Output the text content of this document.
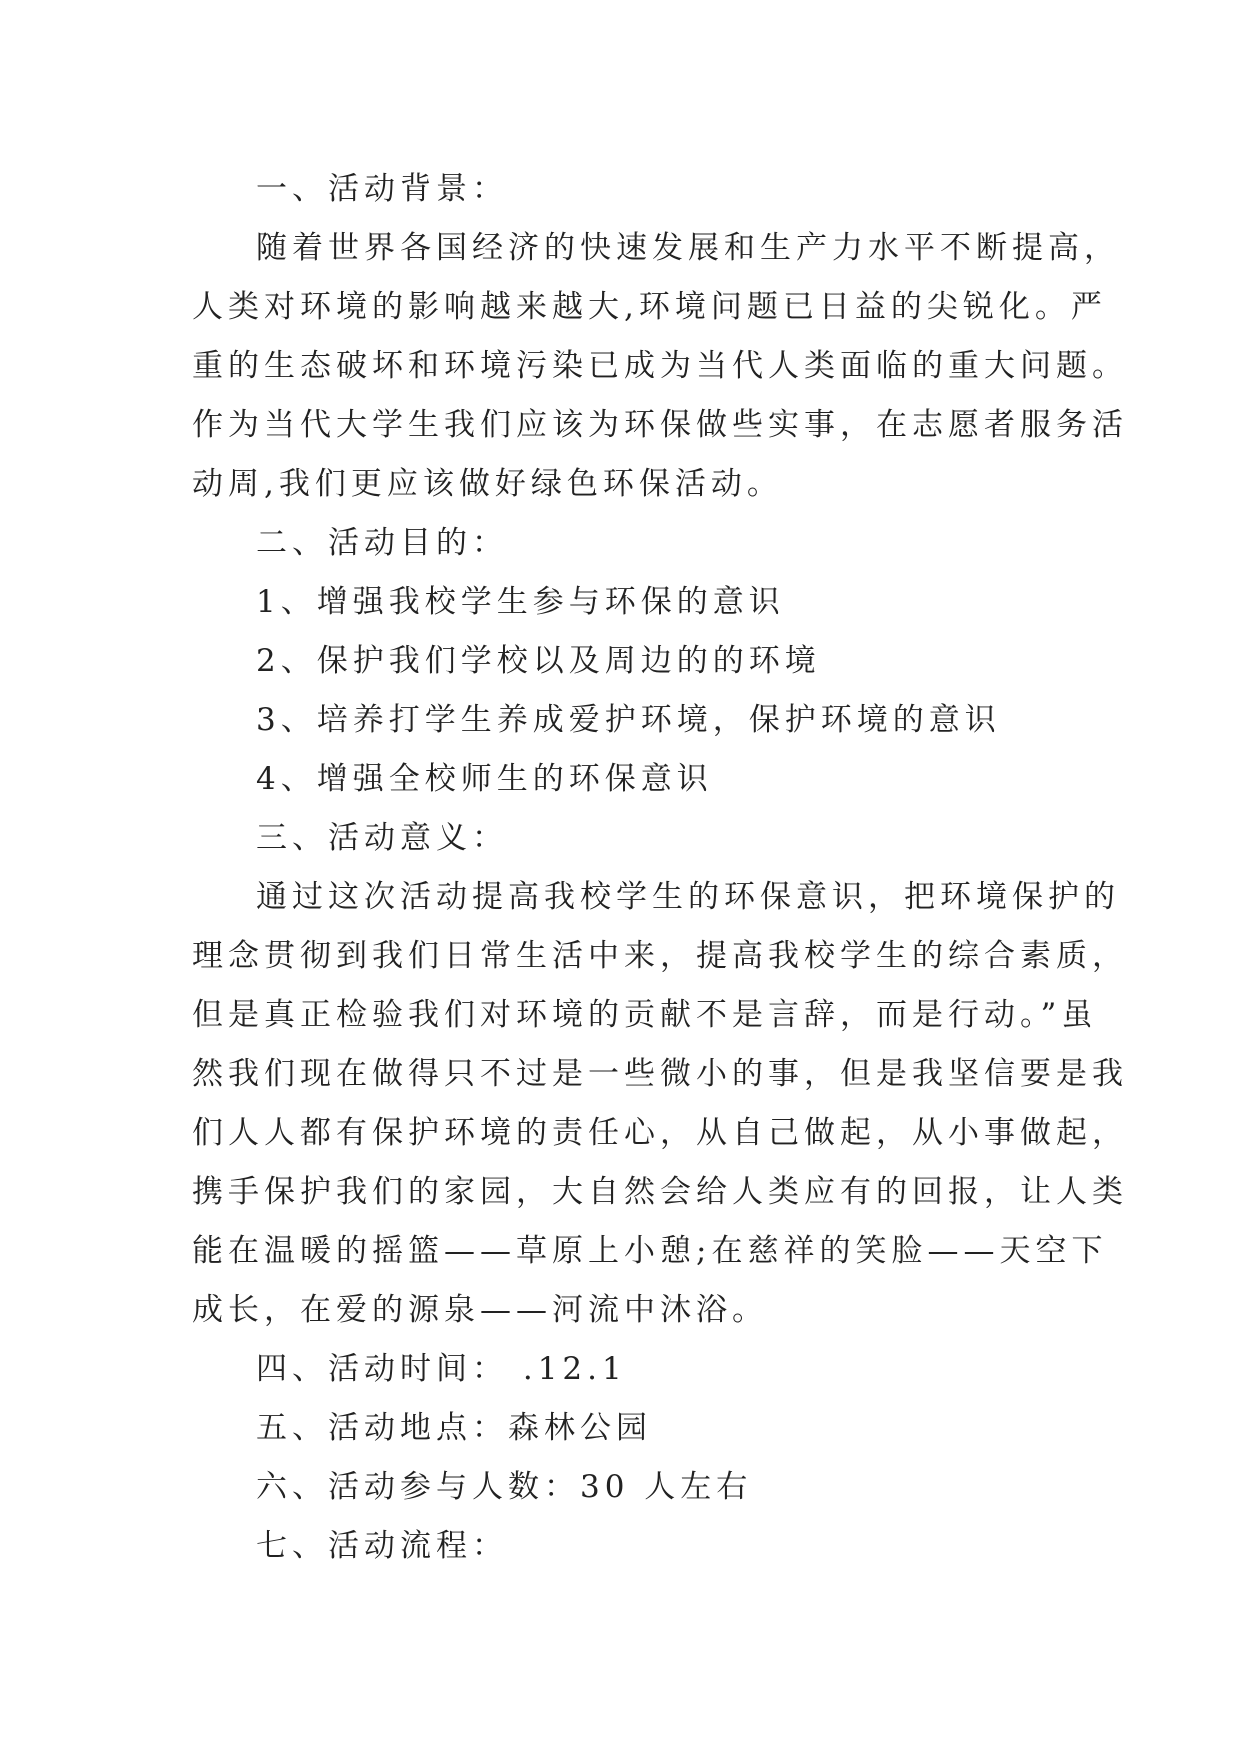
一、活动背景：
随着世界各国经济的快速发展和生产力水平不断提高，
人类对环境的影响越来越大,环境问题已日益的尖锐化。严
重的生态破坏和环境污染已成为当代人类面临的重大问题。
作为当代大学生我们应该为环保做些实事，在志愿者服务活
动周,我们更应该做好绿色环保活动。
二、活动目的：
1、增强我校学生参与环保的意识
2、保护我们学校以及周边的的环境
3、培养打学生养成爱护环境，保护环境的意识
4、增强全校师生的环保意识
三、活动意义：
通过这次活动提高我校学生的环保意识，把环境保护的
理念贯彻到我们日常生活中来，提高我校学生的综合素质，
但是真正检验我们对环境的贡献不是言辞，而是行动。”虽
然我们现在做得只不过是一些微小的事，但是我坚信要是我
们人人都有保护环境的责任心，从自己做起，从小事做起，
携手保护我们的家园，大自然会给人类应有的回报，让人类
能在温暖的摇篮——草原上小憩;在慈祥的笑脸——天空下
成长，在爱的源泉——河流中沐浴。
四、活动时间： .12.1
五、活动地点：森林公园
六、活动参与人数：30 人左右
七、活动流程：
